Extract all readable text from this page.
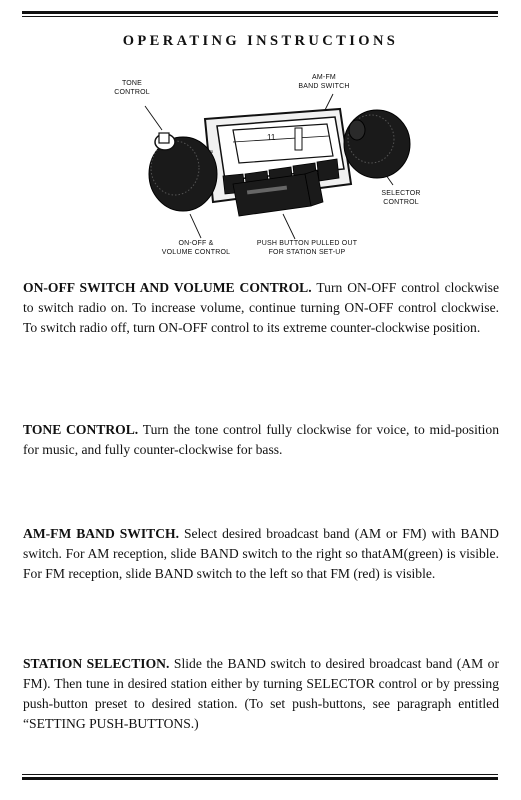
OPERATING INSTRUCTIONS
11
TONE
CONTROL
AM-FM
BAND SWITCH
SELECTOR
CONTROL
ON-OFF &
VOLUME CONTROL
PUSH BUTTON PULLED OUT
FOR STATION SET-UP

ON-OFF SWITCH AND VOLUME CONTROL. Turn ON-OFF control clockwise to switch radio on. To increase volume, continue turning ON-OFF control clockwise. To switch radio off, turn ON-OFF control to its extreme counter-clockwise position.

TONE CONTROL. Turn the tone control fully clockwise for voice, to mid-position for music, and fully counter-clockwise for bass.

AM-FM BAND SWITCH. Select desired broadcast band (AM or FM) with BAND switch. For AM reception, slide BAND switch to the right so thatAM(green) is visible. For FM reception, slide BAND switch to the left so that FM (red) is visible.

STATION SELECTION. Slide the BAND switch to desired broadcast band (AM or FM). Then tune in desired station either by turning SELECTOR control or by pressing push-button preset to desired station. (To set push-buttons, see paragraph entitled “SETTING PUSH-BUTTONS.)
